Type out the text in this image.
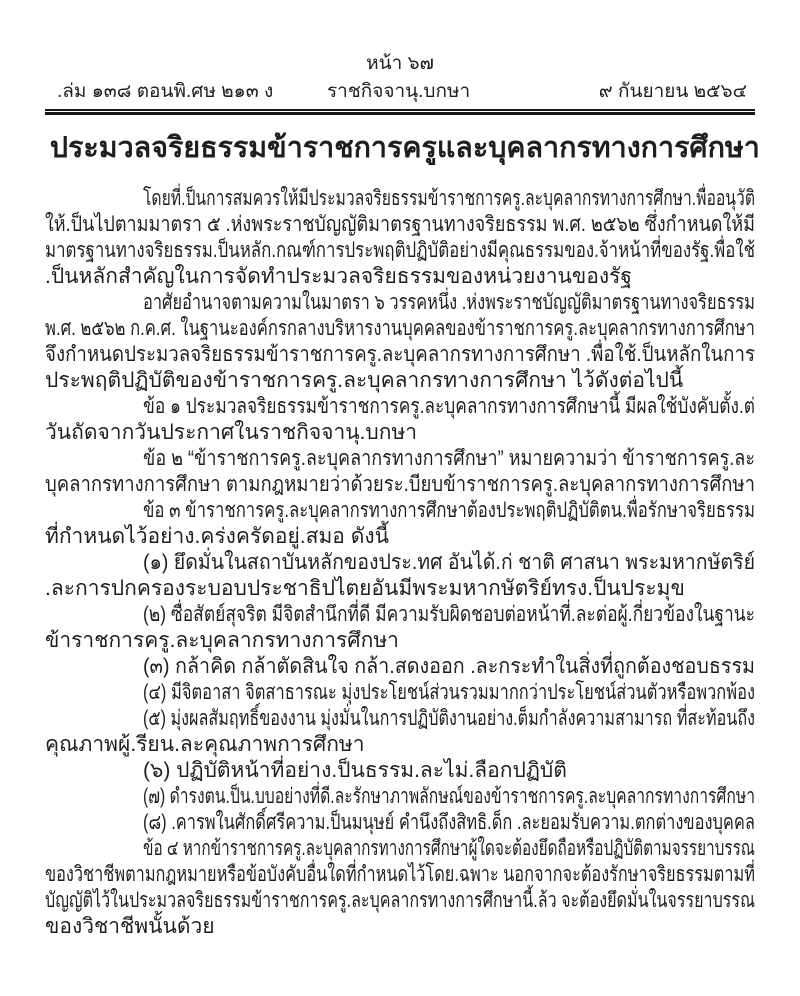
หน้า ๖๗
.ล่ม ๑๓๘ ตอนพิ.ศษ ๒๑๓ ง	ราชกิจจานุ.บกษา	๙ กันยายน ๒๕๖๔
ประมวลจริยธรรมข้าราชการครูและบุคลากรทางการศึกษา
โดยที่.ป็นการสมควรให้มีประมวลจริยธรรมข้าราชการครู.ละบุคลากรทางการศึกษา.พื่ออนุวัติ
ให้.ป็นไปตามมาตรา ๕ .ห่งพระราชบัญญัติมาตรฐานทางจริยธรรม พ.ศ. ๒๕๖๒ ซึ่งกำหนดให้มี
มาตรฐานทางจริยธรรม.ป็นหลัก.กณฑ์การประพฤติปฏิบัติอย่างมีคุณธรรมของ.จ้าหน้าที่ของรัฐ.พื่อใช้
.ป็นหลักสำคัญในการจัดทำประมวลจริยธรรมของหน่วยงานของรัฐ
อาศัยอำนาจตามความในมาตรา ๖ วรรคหนึ่ง .ห่งพระราชบัญญัติมาตรฐานทางจริยธรรม
พ.ศ. ๒๕๖๒ ก.ค.ศ. ในฐานะองค์กรกลางบริหารงานบุคคลของข้าราชการครู.ละบุคลากรทางการศึกษา
จึงกำหนดประมวลจริยธรรมข้าราชการครู.ละบุคลากรทางการศึกษา .พื่อใช้.ป็นหลักในการ
ประพฤติปฏิบัติของข้าราชการครู.ละบุคลากรทางการศึกษา ไว้ดังต่อไปนี้
ข้อ ๑ ประมวลจริยธรรมข้าราชการครู.ละบุคลากรทางการศึกษานี้ มีผลใช้บังคับตั้ง.ต่
วันถัดจากวันประกาศในราชกิจจานุ.บกษา
ข้อ ๒ “ข้าราชการครู.ละบุคลากรทางการศึกษา” หมายความว่า ข้าราชการครู.ละ
บุคลากรทางการศึกษา ตามกฎหมายว่าด้วยระ.บียบข้าราชการครู.ละบุคลากรทางการศึกษา
ข้อ ๓ ข้าราชการครู.ละบุคลากรทางการศึกษาต้องประพฤติปฏิบัติตน.พื่อรักษาจริยธรรม
ที่กำหนดไว้อย่าง.คร่งครัดอยู่.สมอ ดังนี้
(๑) ยึดมั่นในสถาบันหลักของประ.ทศ อันได้.ก่ ชาติ ศาสนา พระมหากษัตริย์
.ละการปกครองระบอบประชาธิปไตยอันมีพระมหากษัตริย์ทรง.ป็นประมุข
(๒) ซื่อสัตย์สุจริต มีจิตสำนึกที่ดี มีความรับผิดชอบต่อหน้าที่.ละต่อผู้.กี่ยวข้องในฐานะ
ข้าราชการครู.ละบุคลากรทางการศึกษา
(๓) กล้าคิด กล้าตัดสินใจ กล้า.สดงออก .ละกระทำในสิ่งที่ถูกต้องชอบธรรม
(๔) มีจิตอาสา จิตสาธารณะ มุ่งประโยชน์ส่วนรวมมากกว่าประโยชน์ส่วนตัวหรือพวกพ้อง
(๕) มุ่งผลสัมฤทธิ์ของงาน มุ่งมั่นในการปฏิบัติงานอย่าง.ต็มกำลังความสามารถ ที่สะท้อนถึง
คุณภาพผู้.รียน.ละคุณภาพการศึกษา
(๖) ปฏิบัติหน้าที่อย่าง.ป็นธรรม.ละไม่.ลือกปฏิบัติ
(๗) ดำรงตน.ป็น.บบอย่างที่ดี.ละรักษาภาพลักษณ์ของข้าราชการครู.ละบุคลากรทางการศึกษา
(๘) .คารพในศักดิ์ศรีความ.ป็นมนุษย์ คำนึงถึงสิทธิ.ด็ก .ละยอมรับความ.ตกต่างของบุคคล
ข้อ ๔ หากข้าราชการครู.ละบุคลากรทางการศึกษาผู้ใดจะต้องยึดถือหรือปฏิบัติตามจรรยาบรรณ
ของวิชาชีพตามกฎหมายหรือข้อบังคับอื่นใดที่กำหนดไว้โดย.ฉพาะ นอกจากจะต้องรักษาจริยธรรมตามที่
บัญญัติไว้ในประมวลจริยธรรมข้าราชการครู.ละบุคลากรทางการศึกษานี้.ล้ว จะต้องยึดมั่นในจรรยาบรรณ
ของวิชาชีพนั้นด้วย
